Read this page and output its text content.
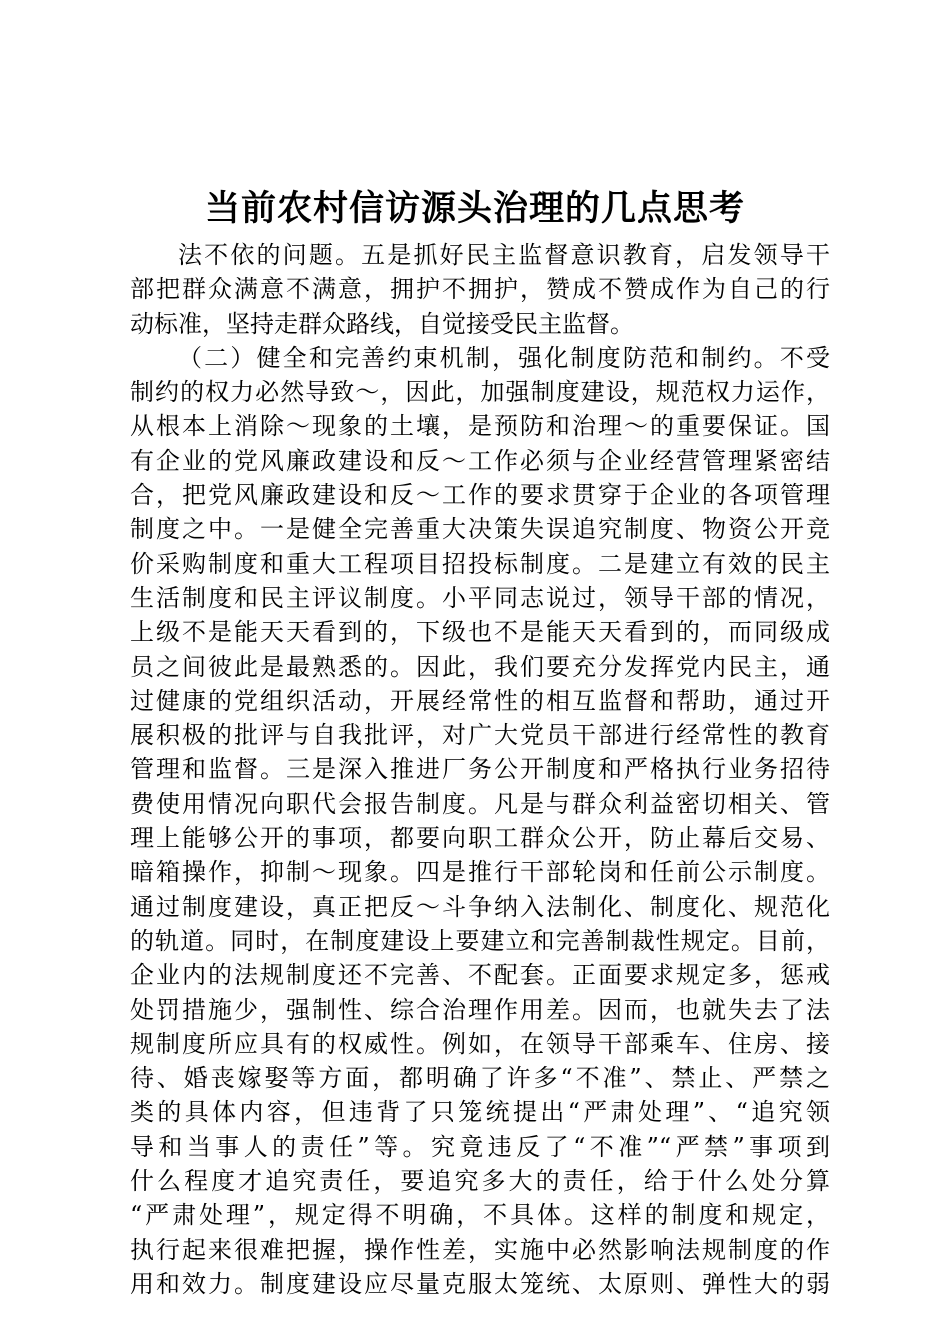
当前农村信访源头治理的几点思考
法不依的问题。五是抓好民主监督意识教育，启发领导干
部把群众满意不满意，拥护不拥护，赞成不赞成作为自己的行
动标准，坚持走群众路线，自觉接受民主监督。
（二）健全和完善约束机制，强化制度防范和制约。不受
制约的权力必然导致～，因此，加强制度建设，规范权力运作，
从根本上消除～现象的土壤，是预防和治理～的重要保证。国
有企业的党风廉政建设和反～工作必须与企业经营管理紧密结
合，把党风廉政建设和反～工作的要求贯穿于企业的各项管理
制度之中。一是健全完善重大决策失误追究制度、物资公开竞
价采购制度和重大工程项目招投标制度。二是建立有效的民主
生活制度和民主评议制度。小平同志说过，领导干部的情况，
上级不是能天天看到的，下级也不是能天天看到的，而同级成
员之间彼此是最熟悉的。因此，我们要充分发挥党内民主，通
过健康的党组织活动，开展经常性的相互监督和帮助，通过开
展积极的批评与自我批评，对广大党员干部进行经常性的教育
管理和监督。三是深入推进厂务公开制度和严格执行业务招待
费使用情况向职代会报告制度。凡是与群众利益密切相关、管
理上能够公开的事项，都要向职工群众公开，防止幕后交易、
暗箱操作，抑制～现象。四是推行干部轮岗和任前公示制度。
通过制度建设，真正把反～斗争纳入法制化、制度化、规范化
的轨道。同时，在制度建设上要建立和完善制裁性规定。目前，
企业内的法规制度还不完善、不配套。正面要求规定多，惩戒
处罚措施少，强制性、综合治理作用差。因而，也就失去了法
规制度所应具有的权威性。例如，在领导干部乘车、住房、接
待、婚丧嫁娶等方面，都明确了许多“不准”、禁止、严禁之
类的具体内容，但违背了只笼统提出“严肃处理”、“追究领
导和当事人的责任”等。究竟违反了“不准”“严禁”事项到
什么程度才追究责任，要追究多大的责任，给于什么处分算
“严肃处理”，规定得不明确，不具体。这样的制度和规定，
执行起来很难把握，操作性差，实施中必然影响法规制度的作
用和效力。制度建设应尽量克服太笼统、太原则、弹性大的弱
